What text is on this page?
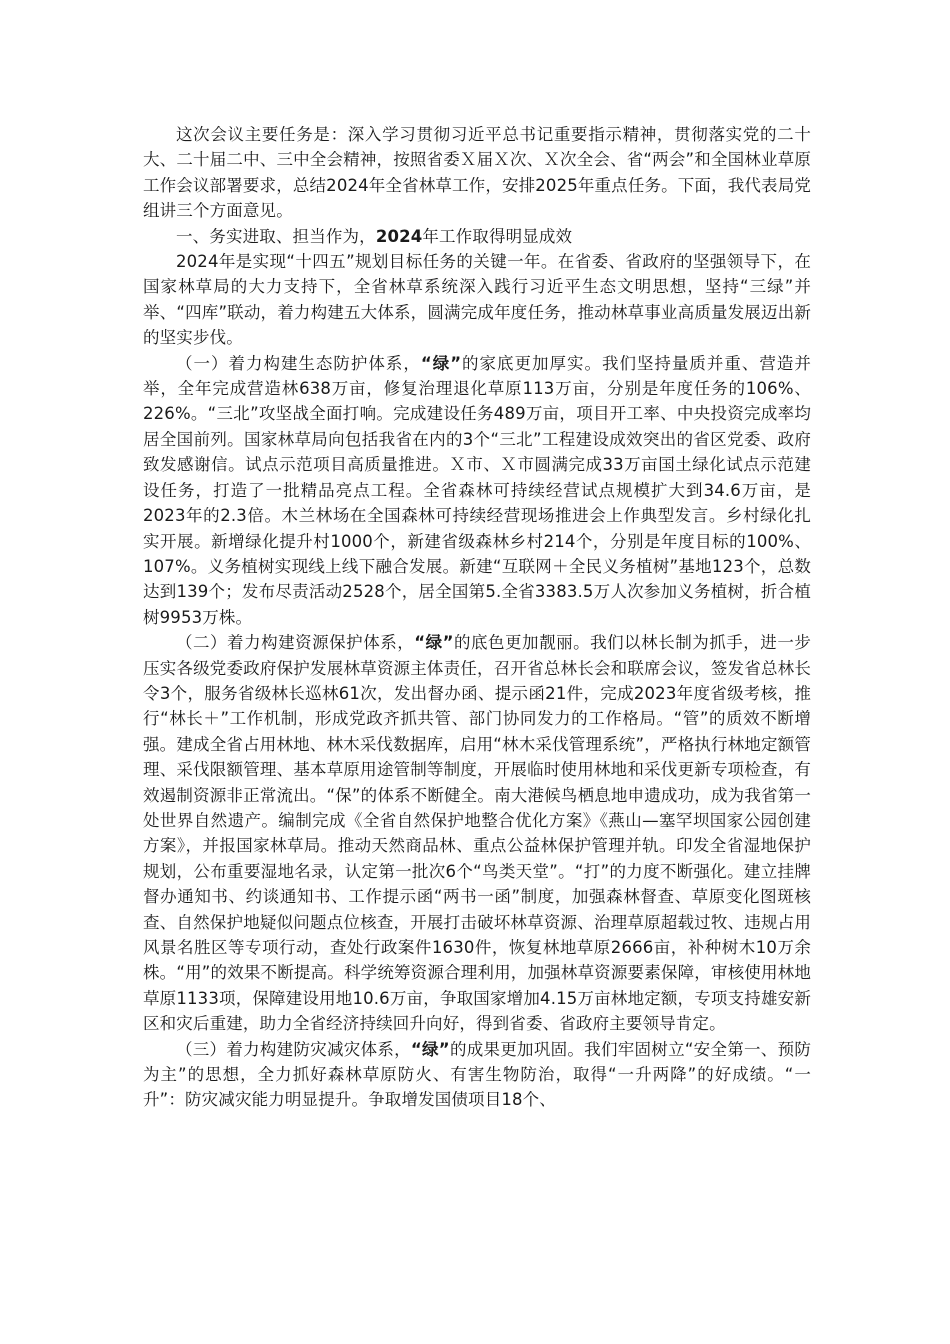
这次会议主要任务是：深入学习贯彻习近平总书记重要指示精神，贯彻落实党的二十大、二十届二中、三中全会精神，按照省委Ｘ届Ｘ次、Ｘ次全会、省“两会”和全国林业草原工作会议部署要求，总结2024年全省林草工作，安排2025年重点任务。下面，我代表局党组讲三个方面意见。

一、务实进取、担当作为，2024年工作取得明显成效

2024年是实现“十四五”规划目标任务的关键一年。在省委、省政府的坚强领导下，在国家林草局的大力支持下，全省林草系统深入践行习近平生态文明思想，坚持“三绿”并举、“四库”联动，着力构建五大体系，圆满完成年度任务，推动林草事业高质量发展迈出新的坚实步伐。

（一）着力构建生态防护体系，“绿”的家底更加厚实。我们坚持量质并重、营造并举，全年完成营造林638万亩，修复治理退化草原113万亩，分别是年度任务的106%、226%。“三北”攻坚战全面打响。完成建设任务489万亩，项目开工率、中央投资完成率均居全国前列。国家林草局向包括我省在内的3个“三北”工程建设成效突出的省区党委、政府致发感谢信。试点示范项目高质量推进。Ｘ市、Ｘ市圆满完成33万亩国土绿化试点示范建设任务，打造了一批精品亮点工程。全省森林可持续经营试点规模扩大到34.6万亩，是2023年的2.3倍。木兰林场在全国森林可持续经营现场推进会上作典型发言。乡村绿化扎实开展。新增绿化提升村1000个，新建省级森林乡村214个，分别是年度目标的100%、107%。义务植树实现线上线下融合发展。新建“互联网＋全民义务植树”基地123个，总数达到139个；发布尽责活动2528个，居全国第5.全省3383.5万人次参加义务植树，折合植树9953万株。

（二）着力构建资源保护体系，“绿”的底色更加靓丽。我们以林长制为抓手，进一步压实各级党委政府保护发展林草资源主体责任，召开省总林长会和联席会议，签发省总林长令3个，服务省级林长巡林61次，发出督办函、提示函21件，完成2023年度省级考核，推行“林长＋”工作机制，形成党政齐抓共管、部门协同发力的工作格局。“管”的质效不断增强。建成全省占用林地、林木采伐数据库，启用“林木采伐管理系统”，严格执行林地定额管理、采伐限额管理、基本草原用途管制等制度，开展临时使用林地和采伐更新专项检查，有效遏制资源非正常流出。“保”的体系不断健全。南大港候鸟栖息地申遗成功，成为我省第一处世界自然遗产。编制完成《全省自然保护地整合优化方案》《燕山—塞罕坝国家公园创建方案》，并报国家林草局。推动天然商品林、重点公益林保护管理并轨。印发全省湿地保护规划，公布重要湿地名录，认定第一批次6个“鸟类天堂”。“打”的力度不断强化。建立挂牌督办通知书、约谈通知书、工作提示函“两书一函”制度，加强森林督查、草原变化图斑核查、自然保护地疑似问题点位核查，开展打击破坏林草资源、治理草原超载过牧、违规占用风景名胜区等专项行动，查处行政案件1630件，恢复林地草原2666亩，补种树木10万余株。“用”的效果不断提高。科学统筹资源合理利用，加强林草资源要素保障，审核使用林地草原1133项，保障建设用地10.6万亩，争取国家增加4.15万亩林地定额，专项支持雄安新区和灾后重建，助力全省经济持续回升向好，得到省委、省政府主要领导肯定。

（三）着力构建防灾减灾体系，“绿”的成果更加巩固。我们牢固树立“安全第一、预防为主”的思想，全力抓好森林草原防火、有害生物防治，取得“一升两降”的好成绩。“一升”：防灾减灾能力明显提升。争取增发国债项目18个、
